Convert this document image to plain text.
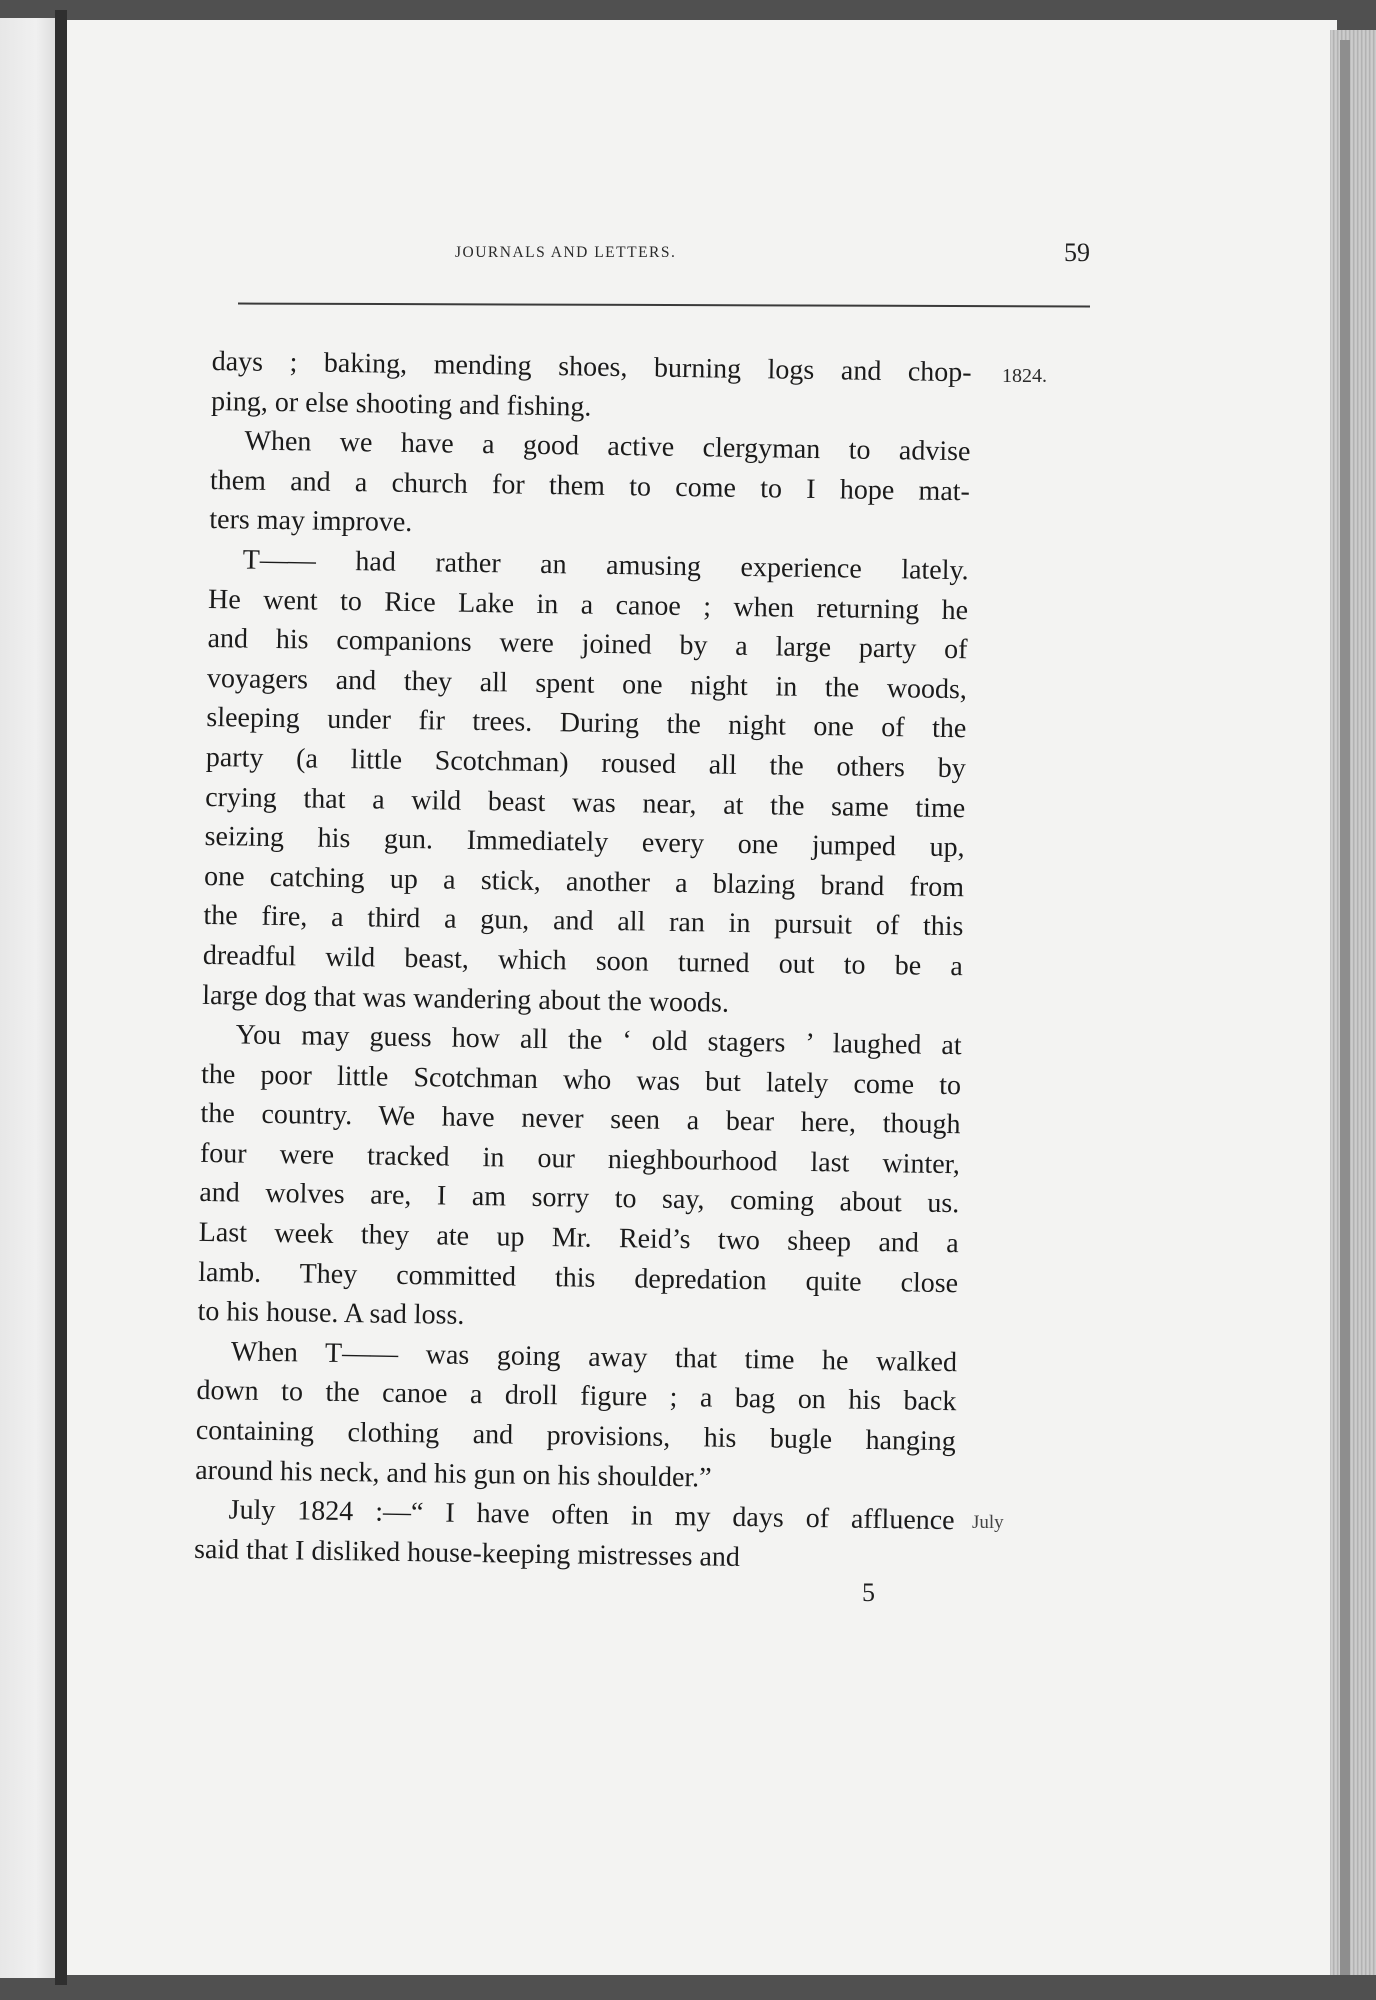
JOURNALS AND LETTERS.	59
1824.
July
days ; baking, mending shoes, burning logs and chop-
ping, or else shooting and fishing.
When we have a good active clergyman to advise
them and a church for them to come to I hope mat-
ters may improve.
T—— had rather an amusing experience lately.
He went to Rice Lake in a canoe ; when returning he
and his companions were joined by a large party of
voyagers and they all spent one night in the woods,
sleeping under fir trees. During the night one of the
party (a little Scotchman) roused all the others by
crying that a wild beast was near, at the same time
seizing his gun. Immediately every one jumped up,
one catching up a stick, another a blazing brand from
the fire, a third a gun, and all ran in pursuit of this
dreadful wild beast, which soon turned out to be a
large dog that was wandering about the woods.
You may guess how all the ‘ old stagers ’ laughed at
the poor little Scotchman who was but lately come to
the country. We have never seen a bear here, though
four were tracked in our nieghbourhood last winter,
and wolves are, I am sorry to say, coming about us.
Last week they ate up Mr. Reid’s two sheep and a
lamb. They committed this depredation quite close
to his house. A sad loss.
When T—— was going away that time he walked
down to the canoe a droll figure ; a bag on his back
containing clothing and provisions, his bugle hanging
around his neck, and his gun on his shoulder.”
July 1824 :—“ I have often in my days of affluence
said that I disliked house-keeping mistresses and
5
